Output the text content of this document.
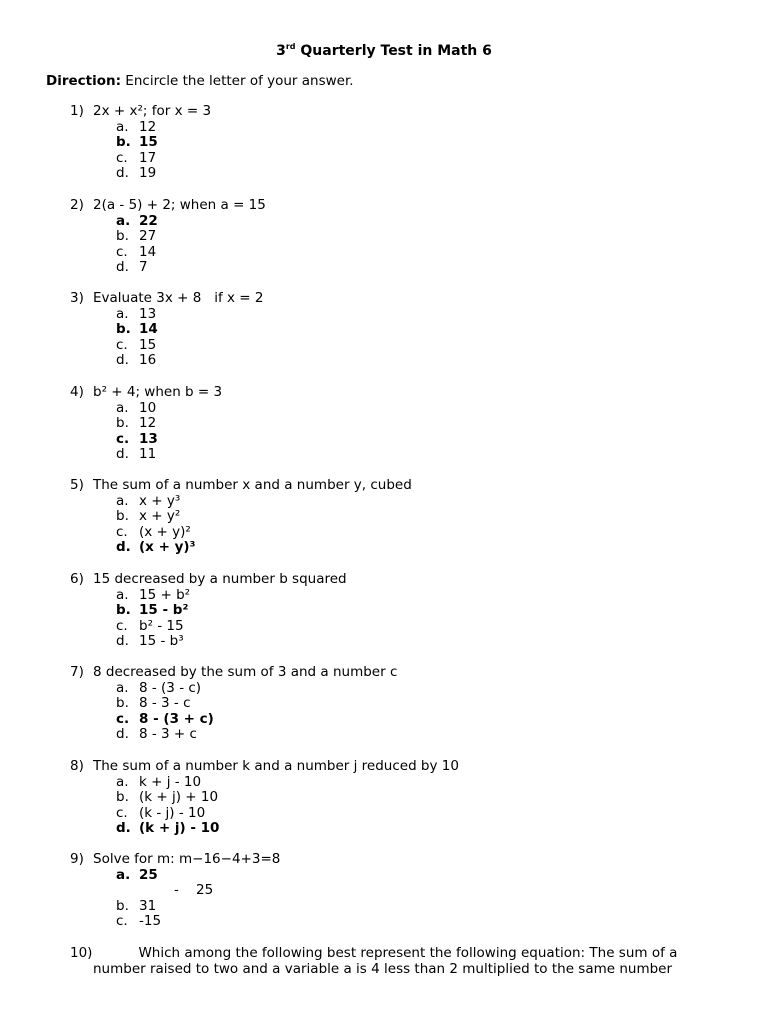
3rd Quarterly Test in Math 6
Direction: Encircle the letter of your answer.
1) 2x + x²; for x = 3
a. 12
b. 15
c. 17
d. 19
2) 2(a - 5) + 2; when a = 15
a. 22
b. 27
c. 14
d. 7
3) Evaluate 3x + 8   if x = 2
a. 13
b. 14
c. 15
d. 16
4) b² + 4; when b = 3
a. 10
b. 12
c. 13
d. 11
5) The sum of a number x and a number y, cubed
a. x + y³
b. x + y²
c. (x + y)²
d. (x + y)³
6) 15 decreased by a number b squared
a. 15 + b²
b. 15 - b²
c. b² - 15
d. 15 - b³
7) 8 decreased by the sum of 3 and a number c
a. 8 - (3 - c)
b. 8 - 3 - c
c. 8 - (3 + c)
d. 8 - 3 + c
8) The sum of a number k and a number j reduced by 10
a. k + j - 10
b. (k + j) + 10
c. (k - j) - 10
d. (k + j) - 10
9) Solve for m: m−16−4+3=8
a. 25
-    25
b. 31
c. -15
10)	Which among the following best represent the following equation: The sum of a
number raised to two and a variable a is 4 less than 2 multiplied to the same number
